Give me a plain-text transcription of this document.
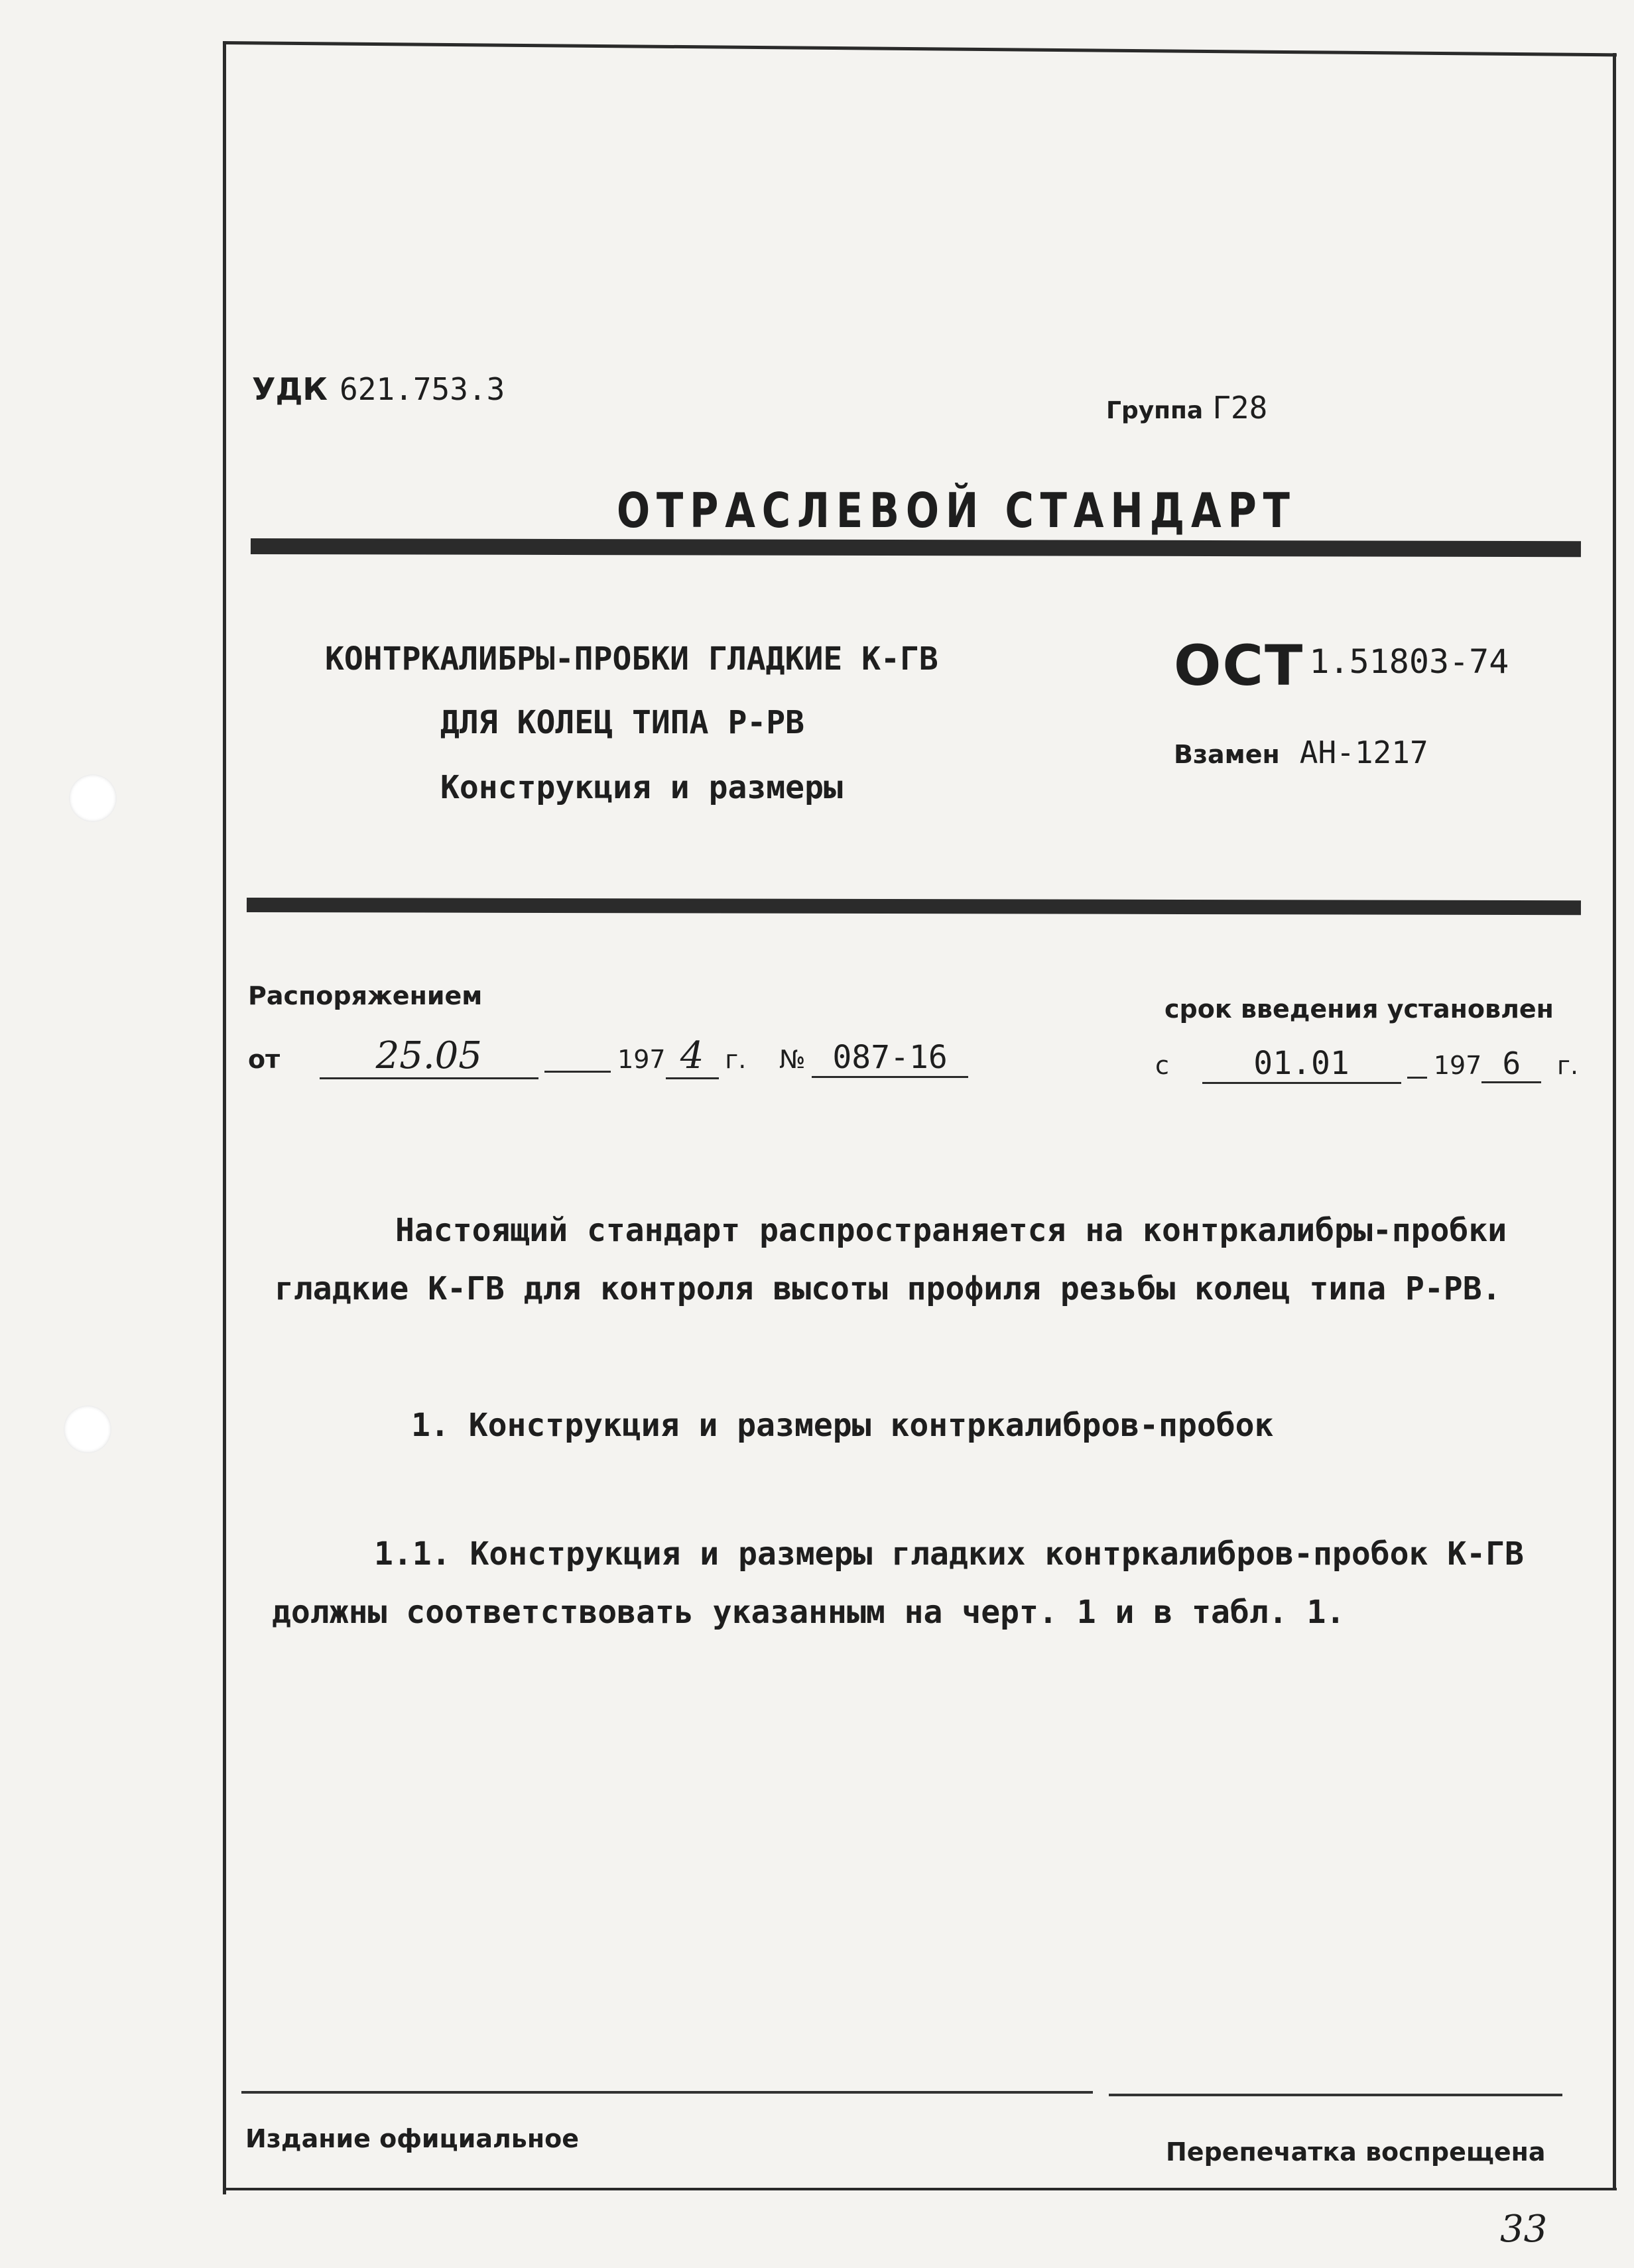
УДК 621.753.3
Группа Г28
ОТРАСЛЕВОЙ СТАНДАРТ
КОНТРКАЛИБРЫ-ПРОБКИ ГЛАДКИЕ К-ГВ
ДЛЯ КОЛЕЦ ТИПА Р-РВ
Конструкция и размеры
ОСТ 1.51803-74
Взамен АН-1217
Распоряжением	срок введения установлен
от	25.05	197 4 г. № 087-16	с	01.01	197 6 г.
Настоящий стандарт распространяется на контркалибры-пробки
гладкие К-ГВ для контроля высоты профиля резьбы колец типа Р-РВ.
1. Конструкция и размеры контркалибров-пробок
1.1. Конструкция и размеры гладких контркалибров-пробок К-ГВ
должны соответствовать указанным на черт. 1 и в табл. 1.
Издание официальное	Перепечатка воспрещена
33
